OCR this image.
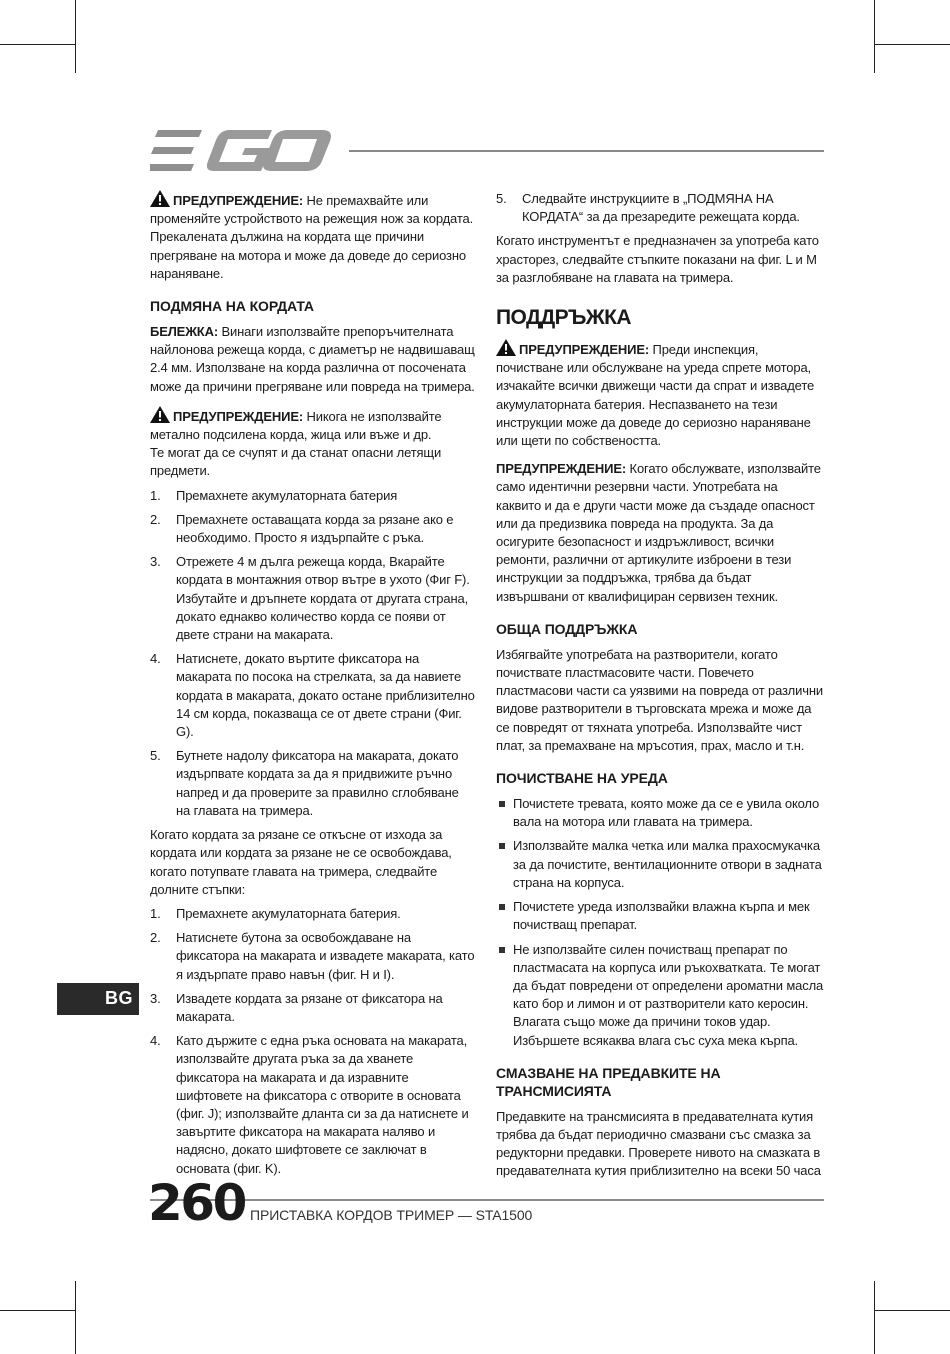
ПРЕДУПРЕЖДЕНИЕ: Не премахвайте или променяйте устройството на режещия нож за кордата. Прекалената дължина на кордата ще причини прегряване на мотора и може да доведе до сериозно нараняване.

ПОДМЯНА НА КОРДАТА

БЕЛЕЖКА: Винаги използвайте препоръчителната найлонова режеща корда, с диаметър не надвишаващ 2.4 мм. Използване на корда различна от посочената може да причини прегряване или повреда на тримера.

ПРЕДУПРЕЖДЕНИЕ: Никога не използвайте метално подсилена корда, жица или въже и др.
Те могат да се счупят и да станат опасни летящи предмети.

1. Премахнете акумулаторната батерия
2. Премахнете оставащата корда за рязане ако е необходимо. Просто я издърпайте с ръка.
3. Отрежете 4 м дълга режеща корда, Вкарайте кордата в монтажния отвор вътре в ухото (Фиг F). Избутайте и дръпнете кордата от другата страна, докато еднакво количество корда се появи от двете страни на макарата.
4. Натиснете, докато въртите фиксатора на макарата по посока на стрелката, за да навиете кордата в макарата, докато остане приблизително 14 см корда, показваща се от двете страни (Фиг. G).
5. Бутнете надолу фиксатора на макарата, докато издърпвате кордата за да я придвижите ръчно напред и да проверите за правилно сглобяване на главата на тримера.

Когато кордата за рязане се откъсне от изхода за кордата или кордата за рязане не се освобождава, когато потупвате главата на тримера, следвайте долните стъпки:

1. Премахнете акумулаторната батерия.
2. Натиснете бутона за освобождаване на фиксатора на макарата и извадете макарата, като я издърпате право навън (фиг. H и I).
3. Извадете кордата за рязане от фиксатора на макарата.
4. Като държите с една ръка основата на макарата, използвайте другата ръка за да хванете фиксатора на макарата и да изравните шифтовете на фиксатора с отворите в основата (фиг. J); използвайте дланта си за да натиснете и завъртите фиксатора на макарата наляво и надясно, докато шифтовете се заключат в основата (фиг. K).
5. Следвайте инструкциите в „ПОДМЯНА НА КОРДАТА“ за да презаредите режещата корда.

Когато инструментът е предназначен за употреба като храсторез, следвайте стъпките показани на фиг. L и M за разглобяване на главата на тримера.

ПОДДРЪЖКА

ПРЕДУПРЕЖДЕНИЕ: Преди инспекция, почистване или обслужване на уреда спрете мотора, изчакайте всички движещи части да спрат и извадете акумулаторната батерия. Неспазването на тези инструкции може да доведе до сериозно нараняване или щети по собствеността.

ПРЕДУПРЕЖДЕНИЕ: Когато обслужвате, използвайте само идентични резервни части. Употребата на каквито и да е други части може да създаде опасност или да предизвика повреда на продукта. За да осигурите безопасност и издръжливост, всички ремонти, различни от артикулите изброени в тези инструкции за поддръжка, трябва да бъдат извършвани от квалифициран сервизен техник.

ОБЩА ПОДДРЪЖКА

Избягвайте употребата на разтворители, когато почиствате пластмасовите части. Повечето пластмасови части са уязвими на повреда от различни видове разтворители в търговската мрежа и може да се повредят от тяхната употреба. Използвайте чист плат, за премахване на мръсотия, прах, масло и т.н.

ПОЧИСТВАНЕ НА УРЕДА
Почистете тревата, която може да се е увила около вала на мотора или главата на тримера.
Използвайте малка четка или малка прахосмукачка за да почистите, вентилационните отвори в задната страна на корпуса.
Почистете уреда използвайки влажна кърпа и мек почистващ препарат.
Не използвайте силен почистващ препарат по пластмасата на корпуса или ръкохватката. Те могат да бъдат повредени от определени ароматни масла като бор и лимон и от разтворители като керосин. Влагата също може да причини токов удар. Избършете всякаква влага със суха мека кърпа.
СМАЗВАНЕ НА ПРЕДАВКИТЕ НА ТРАНСМИСИЯТА

Предавките на трансмисията в предавателната кутия трябва да бъдат периодично смазвани със смазка за редукторни предавки. Проверете нивото на смазката в предавателната кутия приблизително на всеки 50 часа

BG
260 ПРИСТАВКА КОРДОВ ТРИМЕР — STA1500
